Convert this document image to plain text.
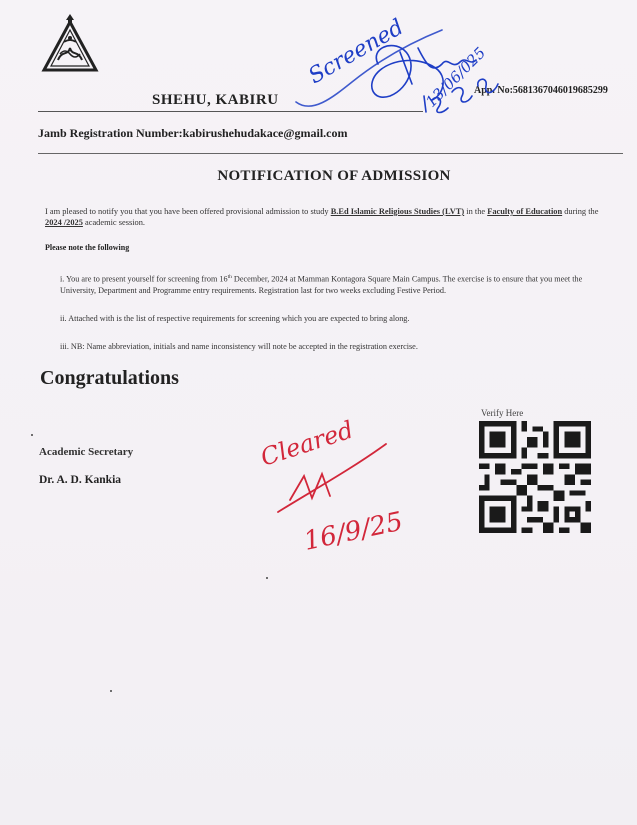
SHEHU, KABIRU
App. No:5681367046019685299
Jamb Registration Number:kabirushehudakace@gmail.com
NOTIFICATION OF ADMISSION
I am pleased to notify you that you have been offered provisional admission to study B.Ed Islamic Religious Studies (LVT) in the Faculty of Education during the 2024 /2025 academic session.
Please note the following
i. You are to present yourself for screening from 16th December, 2024 at Mamman Kontagora Square Main Campus. The exercise is to ensure that you meet the University, Department and Programme entry requirements. Registration last for two weeks excluding Festive Period.
ii. Attached with is the list of respective requirements for screening which you are expected to bring along.
iii. NB: Name abbreviation, initials and name inconsistency will note be accepted in the registration exercise.
Congratulations
Academic Secretary
Dr. A. D. Kankia
Verify Here
Screened 13/06/025
Cleared
16/9/25
